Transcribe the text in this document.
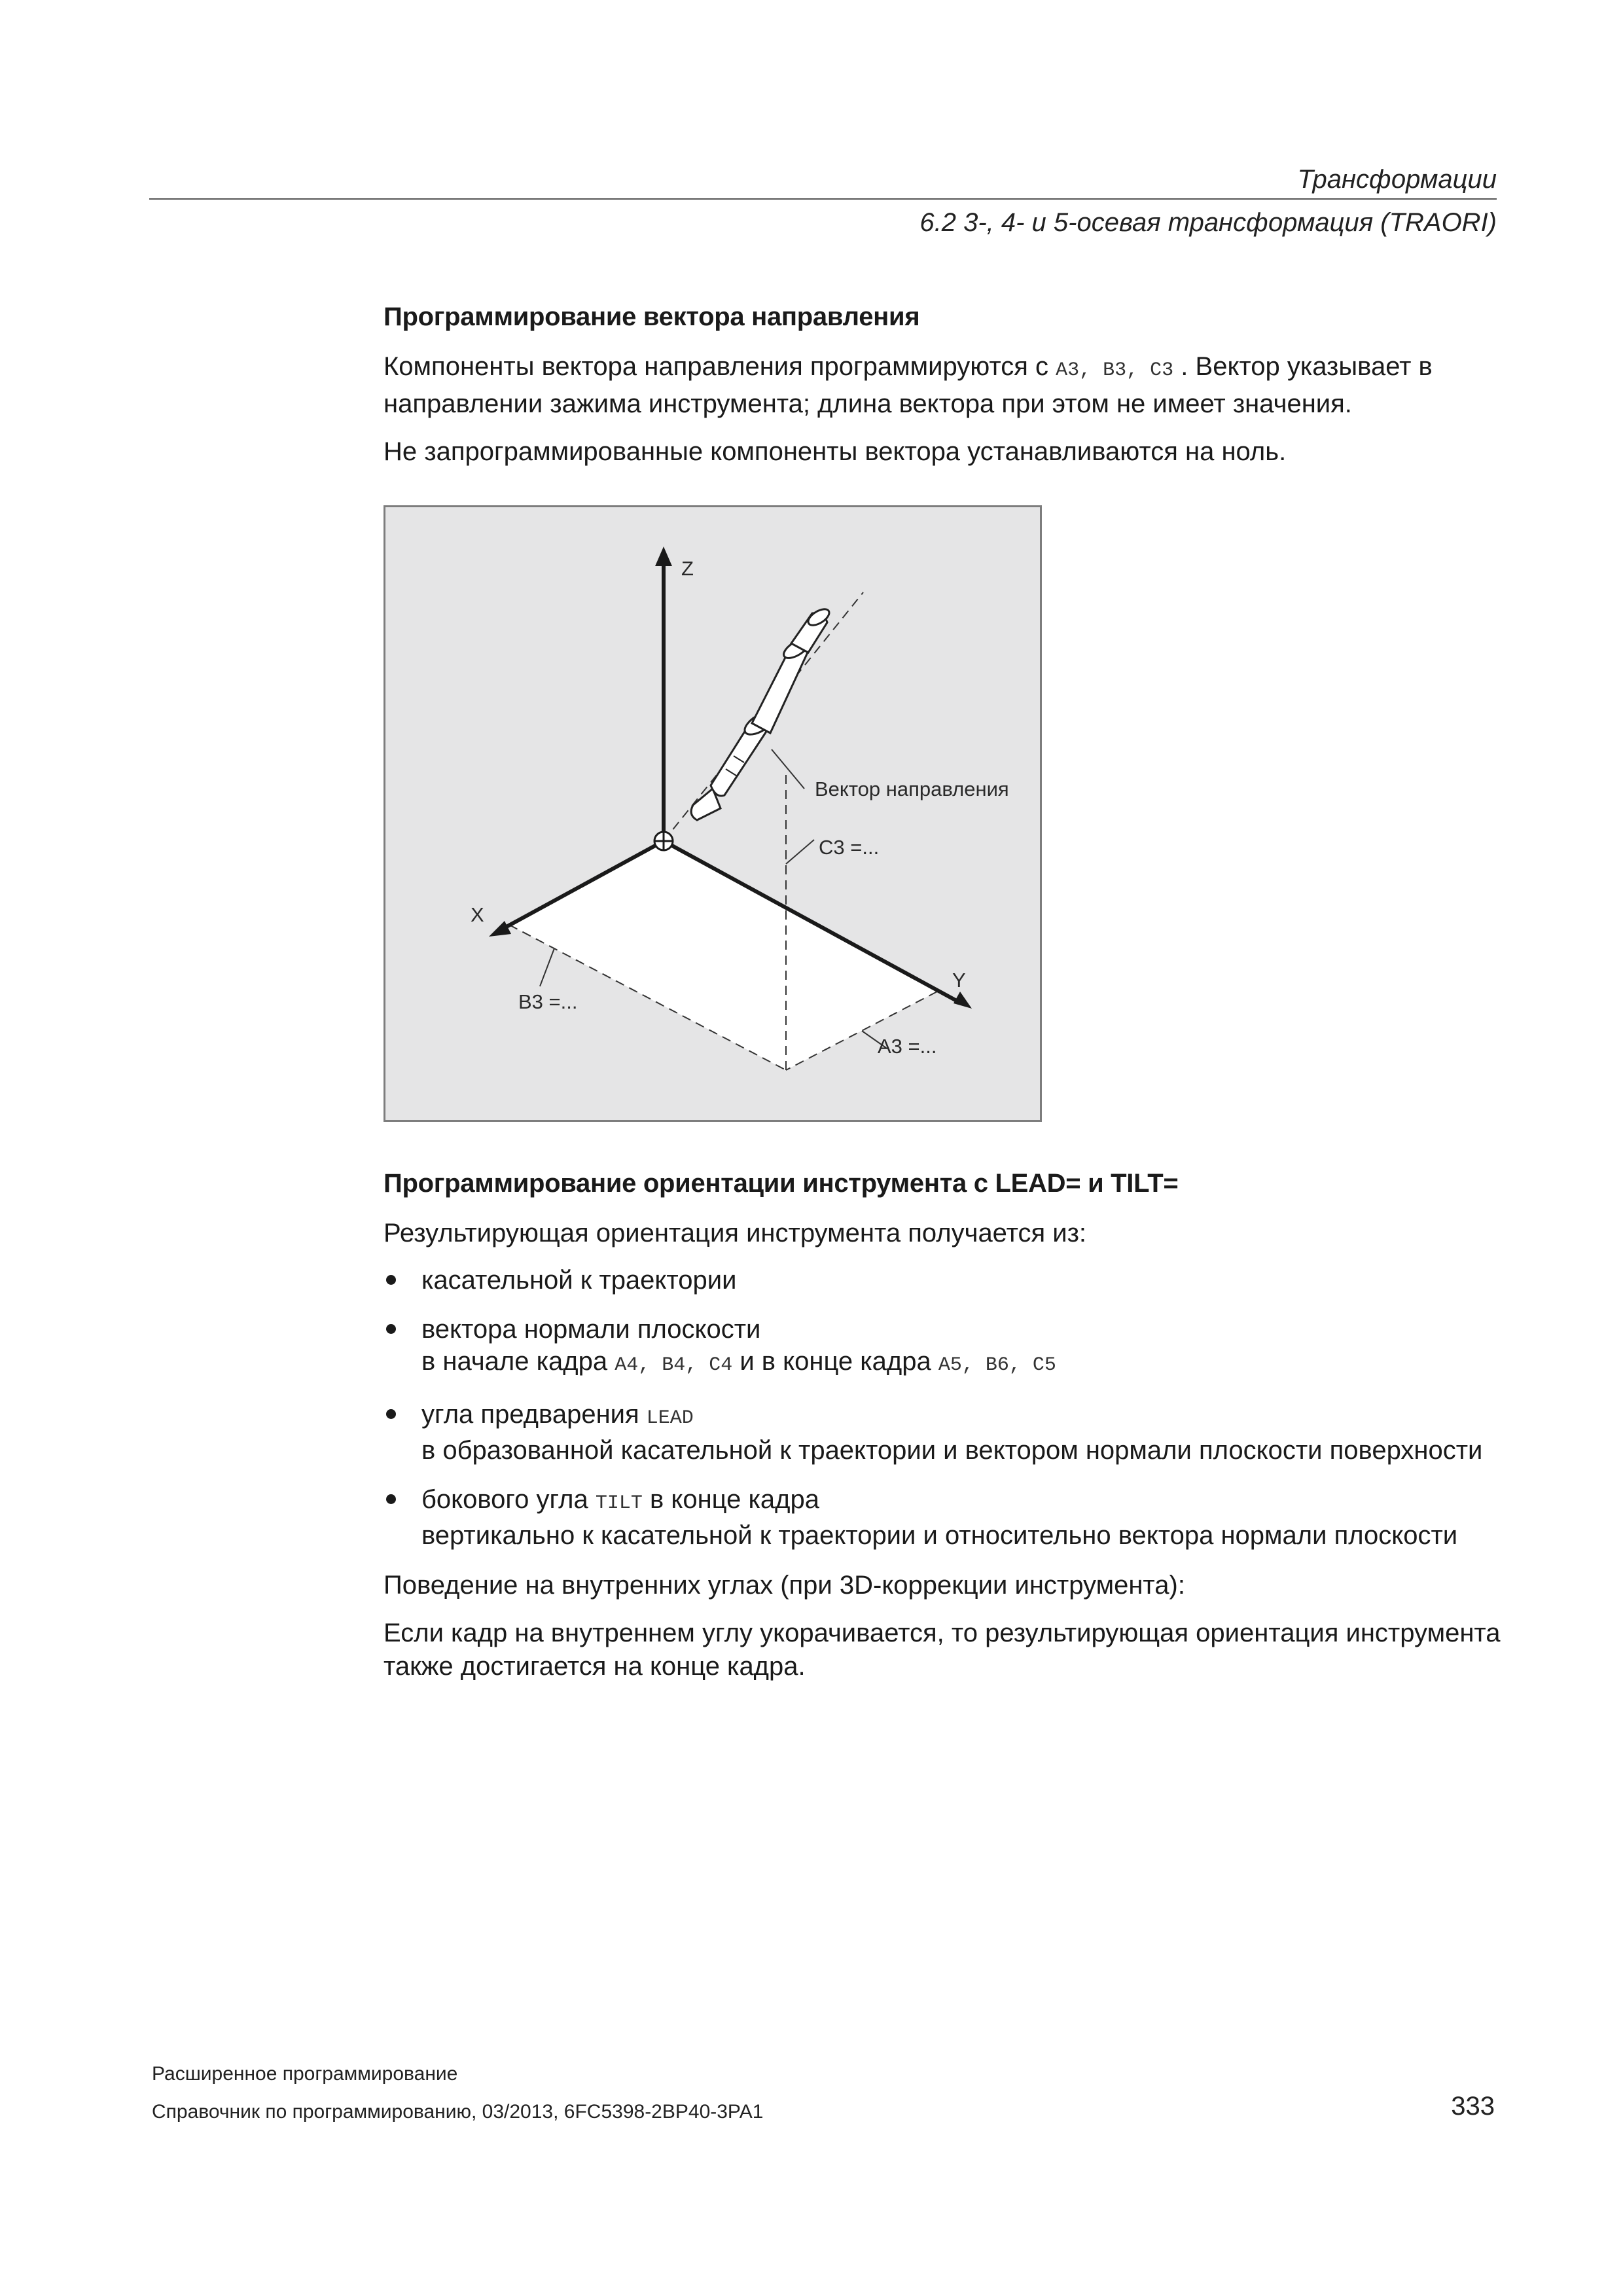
Трансформации
6.2 3-, 4- и 5-осевая трансформация (TRAORI)
Программирование вектора направления

Компоненты вектора направления программируются с A3, B3, C3 . Вектор указывает в направлении зажима инструмента; длина вектора при этом не имеет значения.

Не запрограммированные компоненты вектора устанавливаются на ноль.

Z
X
Y
Вектор направления
C3 =...
B3 =...
A3 =...
Программирование ориентации инструмента с LEAD= и TILT=

Результирующая ориентация инструмента получается из:

касательной к траектории
вектора нормали плоскости
в начале кадра A4, B4, C4 и в конце кадра A5, B6, C5
угла предварения LEAD
в образованной касательной к траектории и вектором нормали плоскости поверхности
бокового угла TILT в конце кадра
вертикально к касательной к траектории и относительно вектора нормали плоскости

Поведение на внутренних углах (при 3D-коррекции инструмента):

Если кадр на внутреннем углу укорачивается, то результирующая ориентация инструмента также достигается на конце кадра.

Расширенное программирование
Справочник по программированию, 03/2013, 6FC5398-2BP40-3PA1	333
